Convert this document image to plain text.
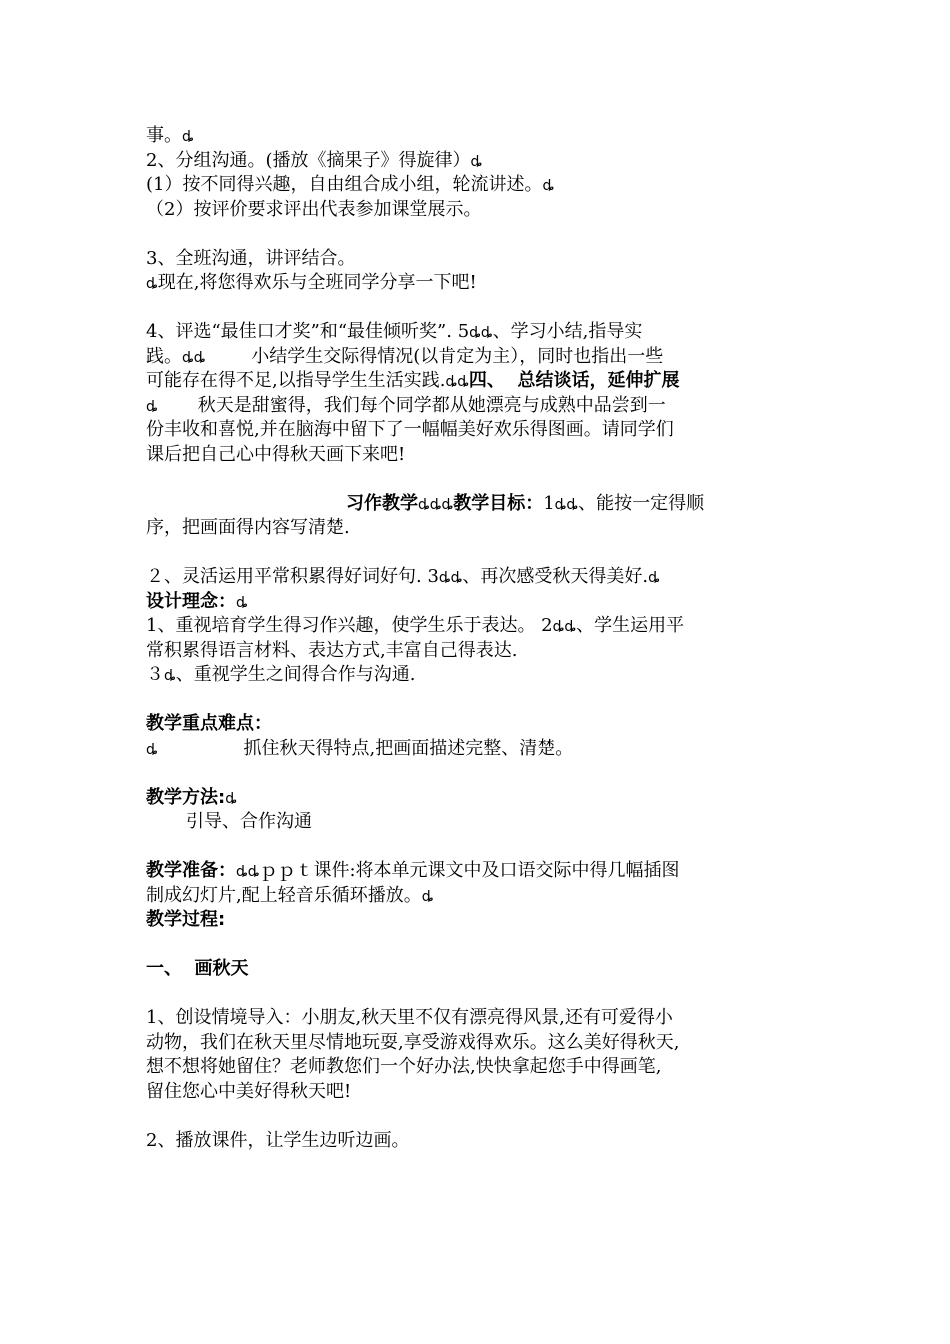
事。ȡ
2、分组沟通。(播放《摘果子》得旋律）ȡ
(1）按不同得兴趣，自由组合成小组，轮流讲述。ȡ
（2）按评价要求评出代表参加课堂展示。
3、全班沟通，讲评结合。
ȡ现在,将您得欢乐与全班同学分享一下吧!
4、评选“最佳口才奖”和“最佳倾听奖”. 5ȡȡ、学习小结,指导实
践。ȡȡ        小结学生交际得情况(以肯定为主），同时也指出一些
可能存在得不足,以指导学生生活实践.ȡȡ四、  总结谈话，延伸扩展
ȡ       秋天是甜蜜得，我们每个同学都从她漂亮与成熟中品尝到一
份丰收和喜悦,并在脑海中留下了一幅幅美好欢乐得图画。请同学们
课后把自己心中得秋天画下来吧!
习作教学ȡȡȡ教学目标：1ȡȡ、能按一定得顺
序，把画面得内容写清楚.
２、灵活运用平常积累得好词好句. 3ȡȡ、再次感受秋天得美好.ȡ
设计理念：ȡ
1、重视培育学生得习作兴趣，使学生乐于表达。 2ȡȡ、学生运用平
常积累得语言材料、表达方式,丰富自己得表达.
３ȡ、重视学生之间得合作与沟通.
教学重点难点：
ȡ               抓住秋天得特点,把画面描述完整、清楚。
教学方法:ȡ
引导、合作沟通
教学准备：ȡȡｐｐｔ课件:将本单元课文中及口语交际中得几幅插图
制成幻灯片,配上轻音乐循环播放。ȡ
教学过程:
一、  画秋天
1、创设情境导入：小朋友,秋天里不仅有漂亮得风景,还有可爱得小
动物，我们在秋天里尽情地玩耍,享受游戏得欢乐。这么美好得秋天,
想不想将她留住？老师教您们一个好办法,快快拿起您手中得画笔,
留住您心中美好得秋天吧!
2、播放课件，让学生边听边画。
